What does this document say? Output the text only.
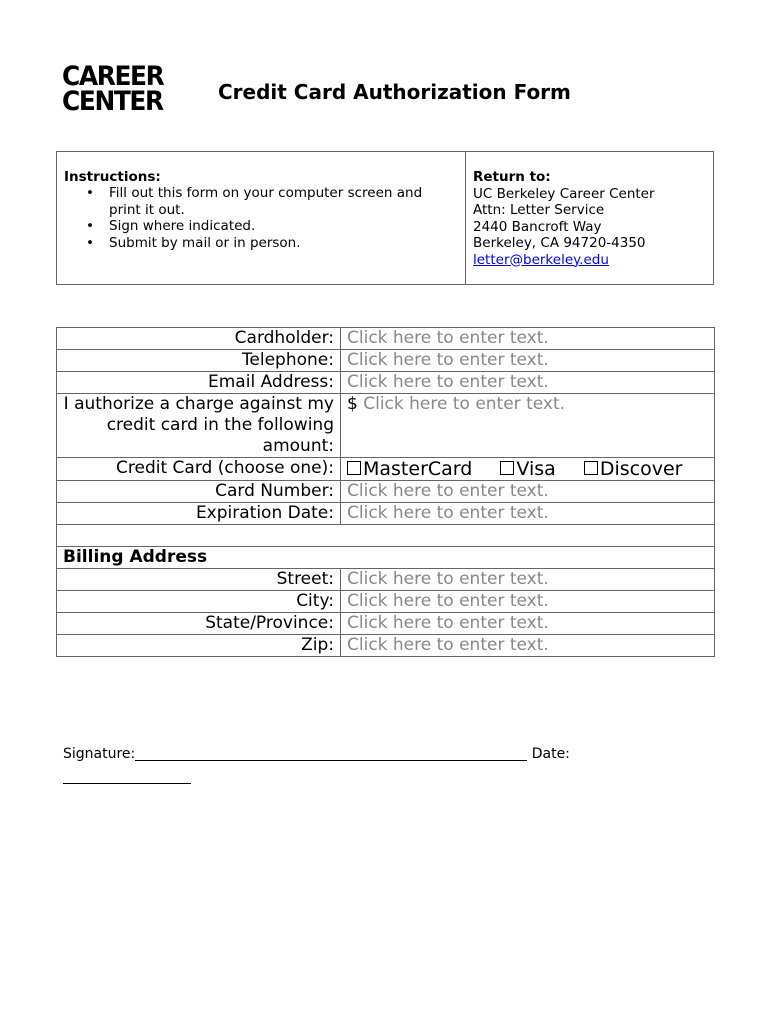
CAREER
CENTER	Credit Card Authorization Form
Instructions:
• Fill out this form on your computer screen and print it out.
• Sign where indicated.
• Submit by mail or in person.
Return to:
UC Berkeley Career Center
Attn: Letter Service
2440 Bancroft Way
Berkeley, CA 94720-4350
letter@berkeley.edu
Cardholder:	Click here to enter text.
Telephone:	Click here to enter text.
Email Address:	Click here to enter text.

I authorize a charge against my
credit card in the following amount:	$ Click here to enter text.
Credit Card (choose one):	MasterCard Visa Discover
Card Number:	Click here to enter text.
Expiration Date:	Click here to enter text.

Billing Address	
Street:	Click here to enter text.
City:	Click here to enter text.
State/Province:	Click here to enter text.
Zip:	Click here to enter text.
Signature:	Date:
